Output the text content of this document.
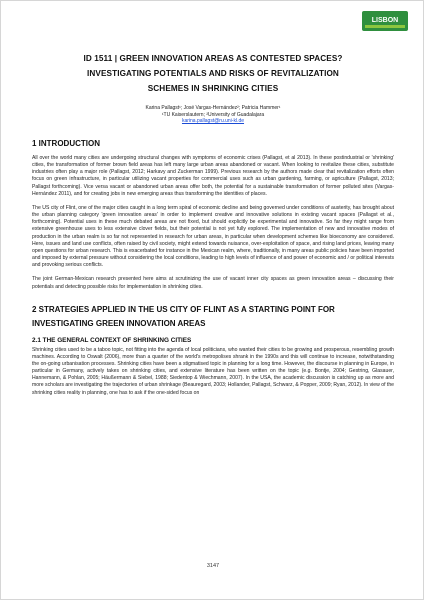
LISBON

ID 1511 | GREEN INNOVATION AREAS AS CONTESTED SPACES?

INVESTIGATING POTENTIALS AND RISKS OF REVITALIZATION

SCHEMES IN SHRINKING CITIES

Karina Pallagst¹; José Vargas-Hernández²; Patricia Hammer¹
¹TU Kaiserslautern; ²University of Guadalajara
karina.pallagst@ru.uni-kl.de
1 INTRODUCTION

All over the world many cities are undergoing structural changes with symptoms of economic crises (Pallagst, et al 2013). In these postindustrial or 'shrinking' cities, the transformation of former brown field areas has left many large urban areas abandoned or vacant. When looking to revitalize these cities, substitute industries often play a major role (Pallagst, 2012; Harkavy and Zuckerman 1999). Previous research by the authors made clear that revitalization efforts often focus on green infrastructure, in particular utilizing vacant properties for commercial uses such as urban gardening, farming, or agriculture (Pallagst, 2013; Pallagst forthcoming). Vice versa vacant or abandoned urban areas offer both, the potential for a sustainable transformation of former polluted sites (Vargas-Hernández 2011), and for creating jobs in new emerging areas thus transforming the identities of places.

The US city of Flint, one of the major cities caught in a long term spiral of economic decline and being governed under conditions of austerity, has brought about the urban planning category 'green innovation areas' in order to implement creative and innovative solutions in existing vacant spaces (Pallagst et al., forthcoming). Potential uses in these much debated areas are not fixed, but should explicitly be experimental and innovative. So far they might range from extensive greenhouse uses to less extensive clover fields, but their potential is not yet fully explored. The implementation of new and innovative modes of production in the urban realm is so far not represented in research for urban areas, in particular when development schemes like bioeconomy are considered. Here, issues and land use conflicts, often raised by civil society, might extend towards nuisance, over-exploitation of space, and rising land prices, leaving many open questions for urban research. This is exacerbated for instance in the Mexican realm, where, traditionally, in many areas public policies have been imported and imposed by external pressure without considering the local conditions, leading to high levels of influence of and power of economic and / or political interests and provoking serious conflicts.

The joint German-Mexican research presented here aims at scrutinizing the use of vacant inner city spaces as green innovation areas – discussing their potentials and detecting possible risks for implementation in shrinking cities.

2 STRATEGIES APPLIED IN THE US CITY OF FLINT AS A STARTING POINT FOR
INVESTIGATING GREEN INNOVATION AREAS
2.1 THE GENERAL CONTEXT OF SHRINKING CITIES

Shrinking cities used to be a taboo topic, not fitting into the agenda of local politicians, who wanted their cities to be growing and prosperous, resembling growth machines. According to Oswalt (2006), more than a quarter of the world's metropolises shrank in the 1990s and this will continue to increase, notwithstanding the on-going urbanisation processes. Shrinking cities have been a stigmatised topic in planning for a long time. However, the discourse in planning in Europe, in particular in Germany, actively takes on shrinking cities, and extensive literature has been written on the topic (e.g. Bontje, 2004; Gestring, Glasauer, Hannemann, & Pohlan, 2005; Häußermann & Siebel, 1988; Siedentop & Wiechmann, 2007). In the USA, the academic discussion is catching up as more and more scholars are investigating the trajectories of urban shrinkage (Beauregard, 2003; Hollander, Pallagst, Schwarz, & Popper, 2009; Ryan, 2012). In view of the shrinking cities reality in planning, one has to ask if the one-sided focus on

3147
